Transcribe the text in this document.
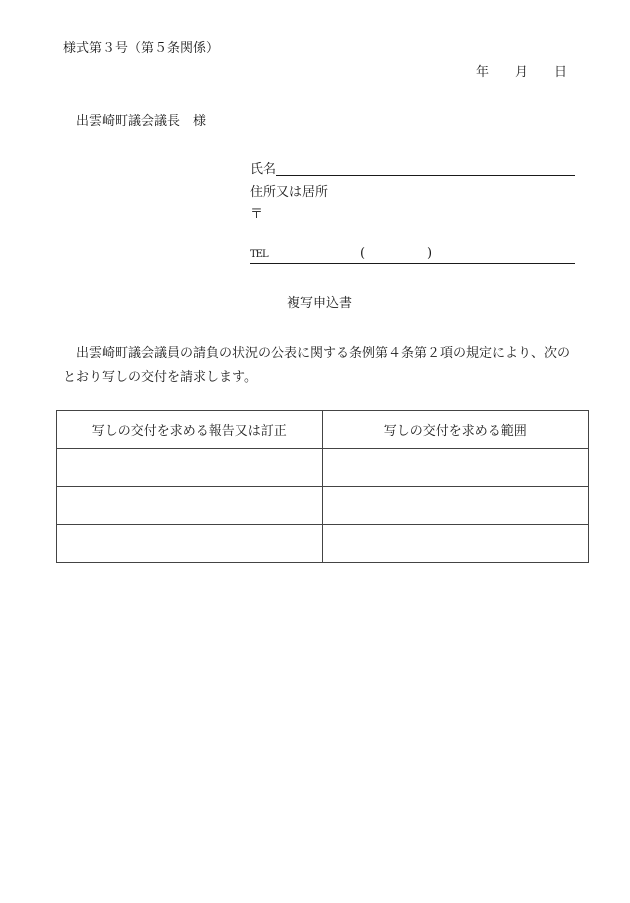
様式第３号（第５条関係）
年 月 日
出雲崎町議会議長　様
氏名
住所又は居所
〒
TEL	(	)
複写申込書
出雲崎町議会議員の請負の状況の公表に関する条例第４条第２項の規定により、次のとおり写しの交付を請求します。
写しの交付を求める報告又は訂正	写しの交付を求める範囲
